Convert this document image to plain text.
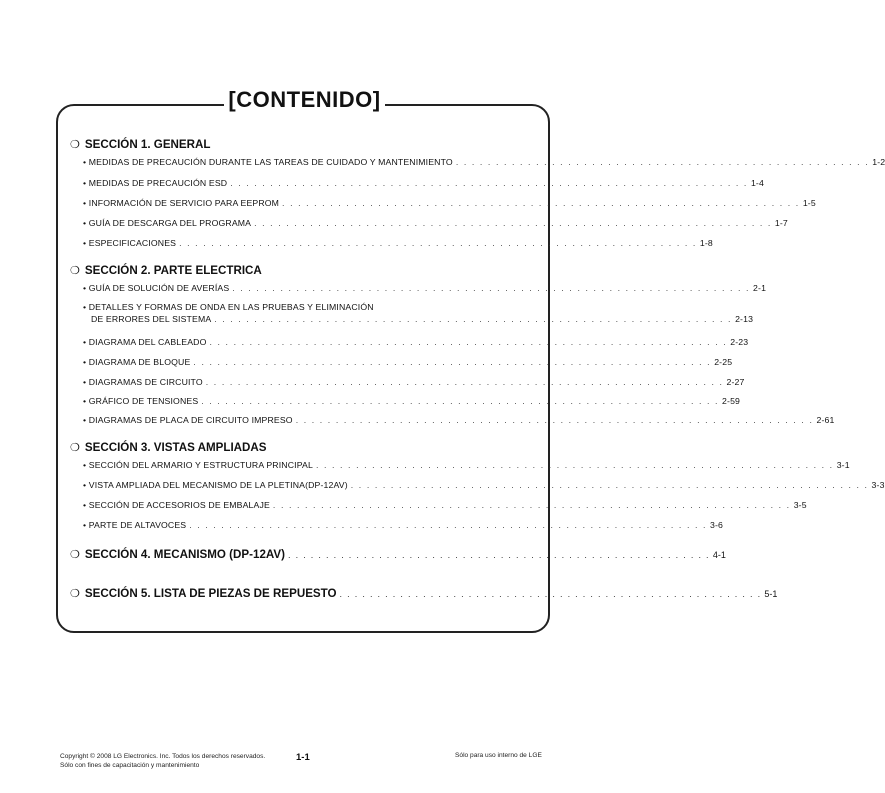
[CONTENIDO]
❍ SECCIÓN 1. GENERAL
• MEDIDAS DE PRECAUCIÓN DURANTE LAS TAREAS DE CUIDADO Y MANTENIMIENTO . . . . . . . . . . . . . . . . . . . . . . . . . . . . . . . . . . . . . . . . . . . . . . . . . . . . 1-2
• MEDIDAS DE PRECAUCIÓN ESD . . . . . . . . . . . . . . . . . . . . . . . . . . . . . . . . . . . . . . . . . . . . . . . . . . . . . . . . . . . . . . . . . 1-4
• INFORMACIÓN DE SERVICIO PARA EEPROM . . . . . . . . . . . . . . . . . . . . . . . . . . . . . . . . . . . . . . . . . . . . . . . . . . . . . . . . . . . . . . . . . 1-5
• GUÍA DE DESCARGA DEL PROGRAMA . . . . . . . . . . . . . . . . . . . . . . . . . . . . . . . . . . . . . . . . . . . . . . . . . . . . . . . . . . . . . . . . . 1-7
• ESPECIFICACIONES . . . . . . . . . . . . . . . . . . . . . . . . . . . . . . . . . . . . . . . . . . . . . . . . . . . . . . . . . . . . . . . . . 1-8
❍ SECCIÓN 2. PARTE ELECTRICA
• GUÍA DE SOLUCIÓN DE AVERÍAS . . . . . . . . . . . . . . . . . . . . . . . . . . . . . . . . . . . . . . . . . . . . . . . . . . . . . . . . . . . . . . . . . 2-1
• DETALLES Y FORMAS DE ONDA EN LAS PRUEBAS Y ELIMINACIÓN
DE ERRORES DEL SISTEMA . . . . . . . . . . . . . . . . . . . . . . . . . . . . . . . . . . . . . . . . . . . . . . . . . . . . . . . . . . . . . . . . . 2-13
• DIAGRAMA DEL CABLEADO . . . . . . . . . . . . . . . . . . . . . . . . . . . . . . . . . . . . . . . . . . . . . . . . . . . . . . . . . . . . . . . . . 2-23
• DIAGRAMA DE BLOQUE . . . . . . . . . . . . . . . . . . . . . . . . . . . . . . . . . . . . . . . . . . . . . . . . . . . . . . . . . . . . . . . . . 2-25
• DIAGRAMAS DE CIRCUITO . . . . . . . . . . . . . . . . . . . . . . . . . . . . . . . . . . . . . . . . . . . . . . . . . . . . . . . . . . . . . . . . . 2-27
• GRÁFICO DE TENSIONES . . . . . . . . . . . . . . . . . . . . . . . . . . . . . . . . . . . . . . . . . . . . . . . . . . . . . . . . . . . . . . . . . 2-59
• DIAGRAMAS DE PLACA DE CIRCUITO IMPRESO . . . . . . . . . . . . . . . . . . . . . . . . . . . . . . . . . . . . . . . . . . . . . . . . . . . . . . . . . . . . . . . . . 2-61
❍ SECCIÓN 3. VISTAS AMPLIADAS
• SECCIÓN DEL ARMARIO Y ESTRUCTURA PRINCIPAL . . . . . . . . . . . . . . . . . . . . . . . . . . . . . . . . . . . . . . . . . . . . . . . . . . . . . . . . . . . . . . . . . 3-1
• VISTA AMPLIADA DEL MECANISMO DE LA PLETINA(DP-12AV) . . . . . . . . . . . . . . . . . . . . . . . . . . . . . . . . . . . . . . . . . . . . . . . . . . . . . . . . . . . . . . . . . 3-3
• SECCIÓN DE ACCESORIOS DE EMBALAJE . . . . . . . . . . . . . . . . . . . . . . . . . . . . . . . . . . . . . . . . . . . . . . . . . . . . . . . . . . . . . . . . . 3-5
• PARTE DE ALTAVOCES . . . . . . . . . . . . . . . . . . . . . . . . . . . . . . . . . . . . . . . . . . . . . . . . . . . . . . . . . . . . . . . . . 3-6
❍ SECCIÓN 4. MECANISMO (DP-12AV) . . . . . . . . . . . . . . . . . . . . . . . . . . . . . . . . . . . . . . . . . . . . . . . . . . . . . . . . 4-1
❍ SECCIÓN 5. LISTA DE PIEZAS DE REPUESTO . . . . . . . . . . . . . . . . . . . . . . . . . . . . . . . . . . . . . . . . . . . . . . . . . . . . . . . . 5-1
Copyright © 2008 LG Electronics. Inc. Todos los derechos reservados.
Sólo con fines de capacitación y mantenimiento
1-1	Sólo para uso interno de LGE
